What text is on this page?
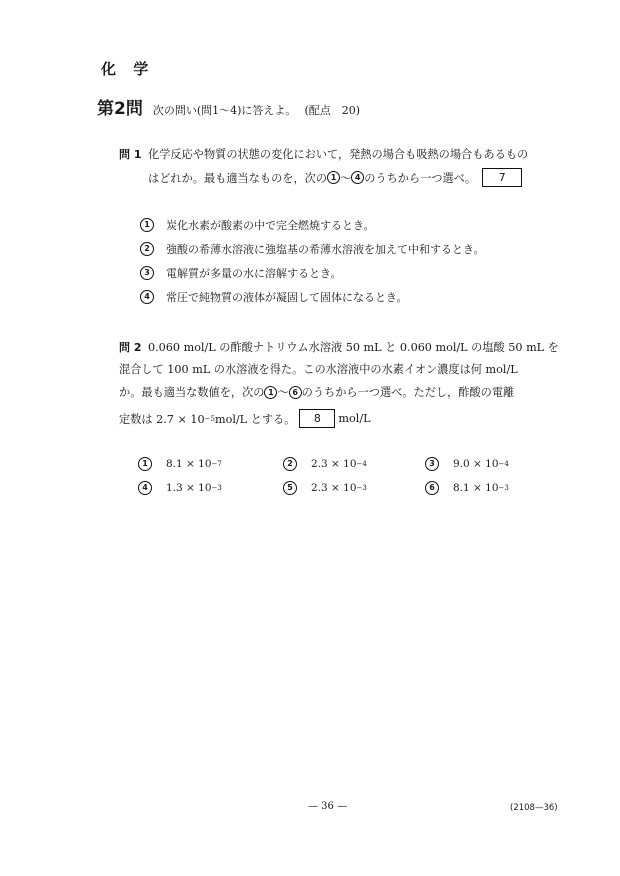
化 学
第2問 次の問い(問1～4)に答えよ。 (配点　20)
問 1 化学反応や物質の状態の変化において，発熱の場合も吸熱の場合もあるもの
はどれか。最も適当なものを，次の 1 ～ 4 のうちから一つ選べ。	7
1	炭化水素が酸素の中で完全燃焼するとき。
2	強酸の希薄水溶液に強塩基の希薄水溶液を加えて中和するとき。
3	電解質が多量の水に溶解するとき。
4	常圧で純物質の液体が凝固して固体になるとき。
問 2 0.060 mol/L の酢酸ナトリウム水溶液 50 mL と 0.060 mol/L の塩酸 50 mL を
混合して 100 mL の水溶液を得た。この水溶液中の水素イオン濃度は何 mol/L
か。最も適当な数値を，次の 1 ～ 6 のうちから一つ選べ。ただし，酢酸の電離
定数は 2.7 × 10 −5 mol/L とする。	8	mol/L
1	8.1 × 10 −7	2	2.3 × 10 −4	3	9.0 × 10 −4
4	1.3 × 10 −3	5	2.3 × 10 −3	6	8.1 × 10 −3
— 36 —	(2108—36)
